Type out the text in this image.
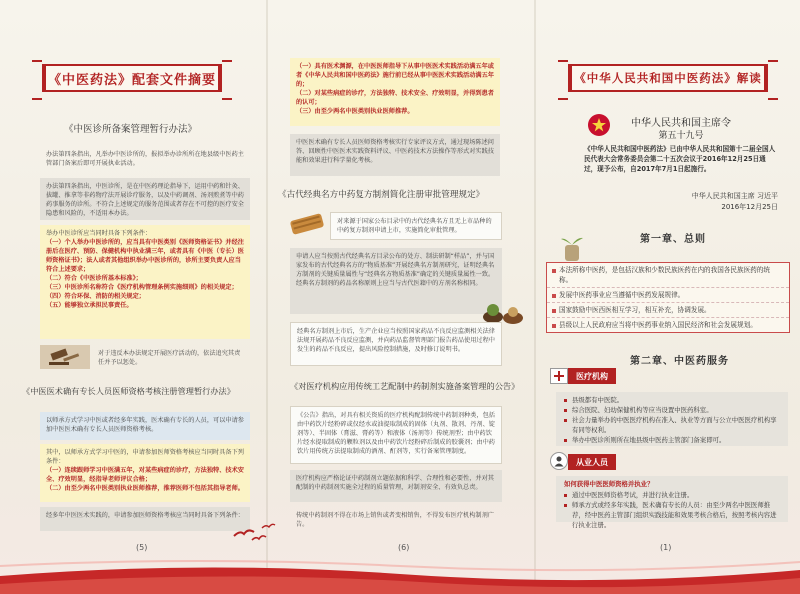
《中医药法》配套文件摘要
《中医诊所备案管理暂行办法》
办法第四条指出，凡举办中医诊所的，报拟举办诊所所在地县级中医药主管部门备案后即可开展执业活动。
办法第四条指出，中医诊所，是在中医药理论指导下，运用中药和针灸、拔罐、推拿等非药物疗法开展诊疗服务，以及中药调剂、汤剂煎煮等中药药事服务的诊所。不符合上述规定的服务范围或者存在不可控的医疗安全隐患和风险的，不适用本办法。
举办中医诊所应当同时具备下列条件：
（一）个人举办中医诊所的，应当具有中医类别《医师资格证书》并经注册后在医疗、预防、保健机构中执业满三年，或者具有《中医（专长）医师资格证书》；法人或者其他组织举办中医诊所的，诊所主要负责人应当符合上述要求；
（二）符合《中医诊所基本标准》；
（三）中医诊所名称符合《医疗机构管理条例实施细则》的相关规定；
（四）符合环保、消防的相关规定；
（五）能够独立承担民事责任。
对于违反本办法规定开展医疗活动的，依法追究其责任并予以惩处。
《中医医术确有专长人员医师资格考核注册管理暂行办法》
以师承方式学习中医或者经多年实践，医术确有专长的人员，可以申请参加中医医术确有专长人员医师资格考核。
其中，以师承方式学习中医的，申请参加医师资格考核应当同时具备下列条件：
（一）连续跟师学习中医满五年，对某些病症的诊疗，方法独特、技术安全、疗效明显，经指导老师评议合格；
（二）由至少两名中医类别执业医师推荐，推荐医师不包括其指导老师。
经多年中医医术实践的，申请参加医师资格考核应当同时具备下列条件：
(5)
（一）具有医术渊源，在中医医师指导下从事中医医术实践活动满五年或者《中华人民共和国中医药法》施行前已经从事中医医术实践活动满五年的；
（二）对某些病症的诊疗，方法独特、技术安全、疗效明显，并得到患者的认可；
（三）由至少两名中医类别执业医师推荐。
中医医术确有专长人员医师资格考核实行专家评议方式，通过现场陈述问答、回顾性中医医术实践资料评议、中医药技术方法操作等形式对实践技能和效果进行科学量化考核。
《古代经典名方中药复方制剂简化注册审批管理规定》
对来源于国家公布目录中的古代经典名方且无上市品种的中药复方制剂申请上市，实施简化审批管理。
申请人应当按照古代经典名方目录公布的处方、制法研制“样品”，并与国家发布的古代经典名方的“物质基准”开展经典名方制剂研究，证明经典名方制剂的关键质量属性与“经典名方物质基准”确定的关键质量属性一致。经典名方制剂的药品名称原则上应当与古代医籍中的方剂名称相同。
经典名方制剂上市后，生产企业应当按照国家药品不良反应监测相关法律法规开展药品不良反应监测，并向药品监督管理部门报告药品使用过程中发生的药品不良反应，提出风险控制措施，及时修订说明书。
《对医疗机构应用传统工艺配制中药制剂实施备案管理的公告》
《公告》指出，对具有相关资质的医疗机构配制传统中药制剂种类，包括由中药饮片经粉碎或仅经水或油提取制成的固体（丸剂、散剂、丹剂、锭剂等）、半固体（膏滋、膏药等）和液体（汤剂等）传统剂型；由中药饮片经水提取制成的颗粒剂以及由中药饮片经粉碎后制成的胶囊剂；由中药饮片用传统方法提取制成的酒剂、酊剂等，实行备案管理制度。
医疗机构应严格论证中药制剂立题依据和科学、合理性和必要性，并对其配制的中药制剂实施全过程的质量管理，对制剂安全、有效负总责。
传统中药制剂不得在市场上销售或者变相销售，不得发布医疗机构制剂广告。
(6)
《中华人民共和国中医药法》解读
中华人民共和国主席令
第五十九号
《中华人民共和国中医药法》已由中华人民共和国第十二届全国人民代表大会常务委员会第二十五次会议于2016年12月25日通过，现予公布，自2017年7月1日起施行。
中华人民共和国主席 习近平
2016年12月25日
第一章、总则
本法所称中医药，是包括汉族和少数民族医药在内的我国各民族医药的统称。
发展中医药事业应当遵循中医药发展规律。
国家鼓励中医西医相互学习，相互补充，协调发展。
县级以上人民政府应当将中医药事业纳入国民经济和社会发展规划。
第二章、中医药服务
医疗机构
县级都有中医院。
综合医院、妇幼保健机构等应当设置中医药科室。
社会力量举办的中医医疗机构在准入、执业等方面与公立中医医疗机构享有同等权利。
举办中医诊所则所在地县级中医药主管部门备案即可。
从业人员

如何获得中医医师资格并执业？

通过中医医师资格考试，并进行执业注册。
师承方式或经多年实践，医术确有专长的人员：由至少两名中医医师推荐，经中医药主管部门组织实践技能和效果考核合格后，按照考核内容进行执业注册。
(1)
